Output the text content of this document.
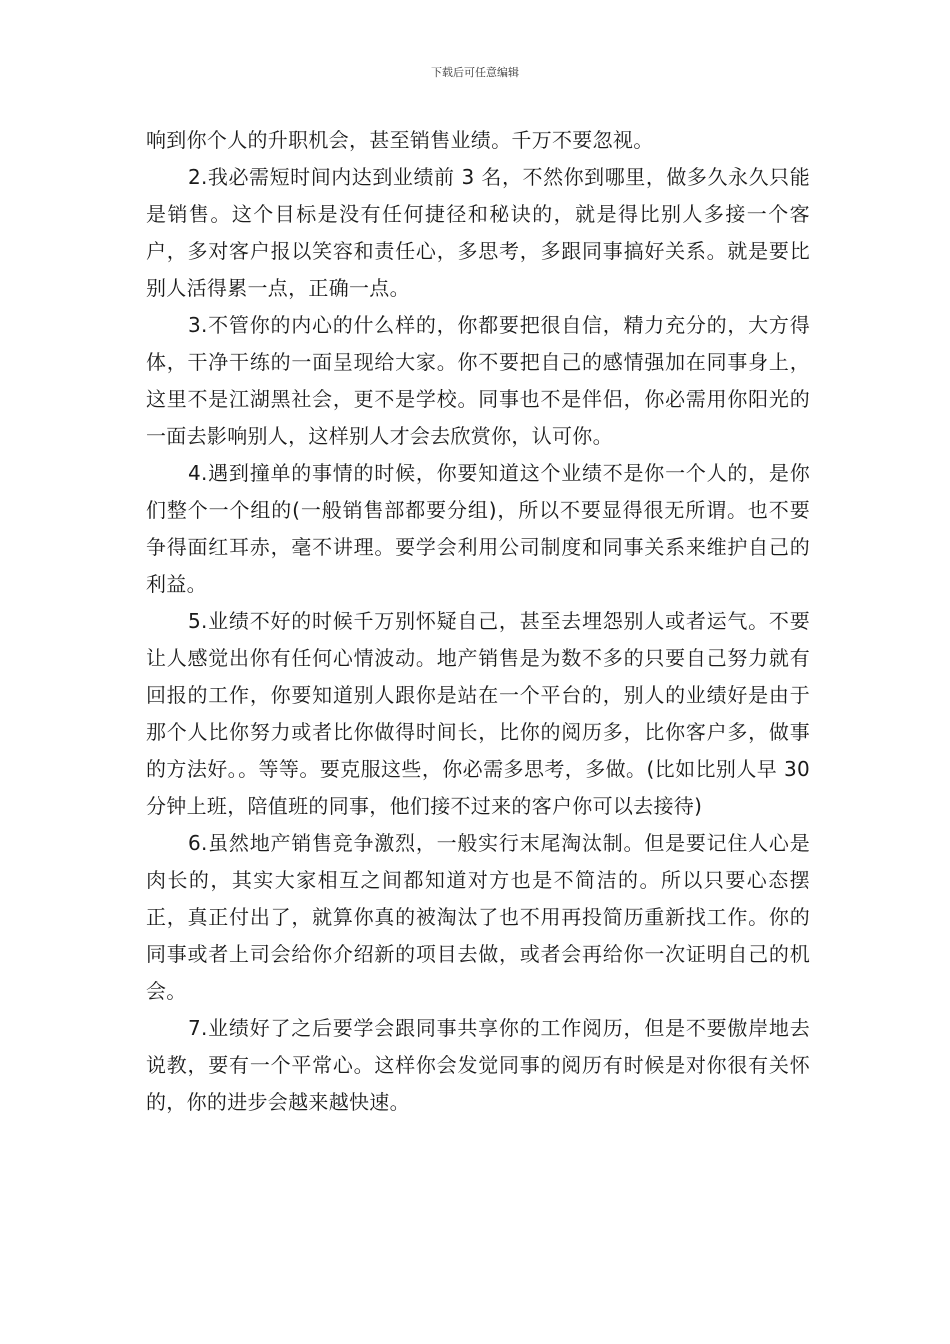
下载后可任意编辑

响到你个人的升职机会，甚至销售业绩。千万不要忽视。

2.我必需短时间内达到业绩前 3 名，不然你到哪里，做多久永久只能是销售。这个目标是没有任何捷径和秘诀的，就是得比别人多接一个客户，多对客户报以笑容和责任心，多思考，多跟同事搞好关系。就是要比别人活得累一点，正确一点。

3.不管你的内心的什么样的，你都要把很自信，精力充分的，大方得体，干净干练的一面呈现给大家。你不要把自己的感情强加在同事身上，这里不是江湖黑社会，更不是学校。同事也不是伴侣，你必需用你阳光的一面去影响别人，这样别人才会去欣赏你，认可你。

4.遇到撞单的事情的时候，你要知道这个业绩不是你一个人的，是你们整个一个组的(一般销售部都要分组)，所以不要显得很无所谓。也不要争得面红耳赤，毫不讲理。要学会利用公司制度和同事关系来维护自己的利益。

5.业绩不好的时候千万别怀疑自己，甚至去埋怨别人或者运气。不要让人感觉出你有任何心情波动。地产销售是为数不多的只要自己努力就有回报的工作，你要知道别人跟你是站在一个平台的，别人的业绩好是由于那个人比你努力或者比你做得时间长，比你的阅历多，比你客户多，做事的方法好。。等等。要克服这些，你必需多思考，多做。(比如比别人早 30 分钟上班，陪值班的同事，他们接不过来的客户你可以去接待)

6.虽然地产销售竞争激烈，一般实行末尾淘汰制。但是要记住人心是肉长的，其实大家相互之间都知道对方也是不简洁的。所以只要心态摆正，真正付出了，就算你真的被淘汰了也不用再投简历重新找工作。你的同事或者上司会给你介绍新的项目去做，或者会再给你一次证明自己的机会。

7.业绩好了之后要学会跟同事共享你的工作阅历，但是不要傲岸地去说教，要有一个平常心。这样你会发觉同事的阅历有时候是对你很有关怀的，你的进步会越来越快速。
